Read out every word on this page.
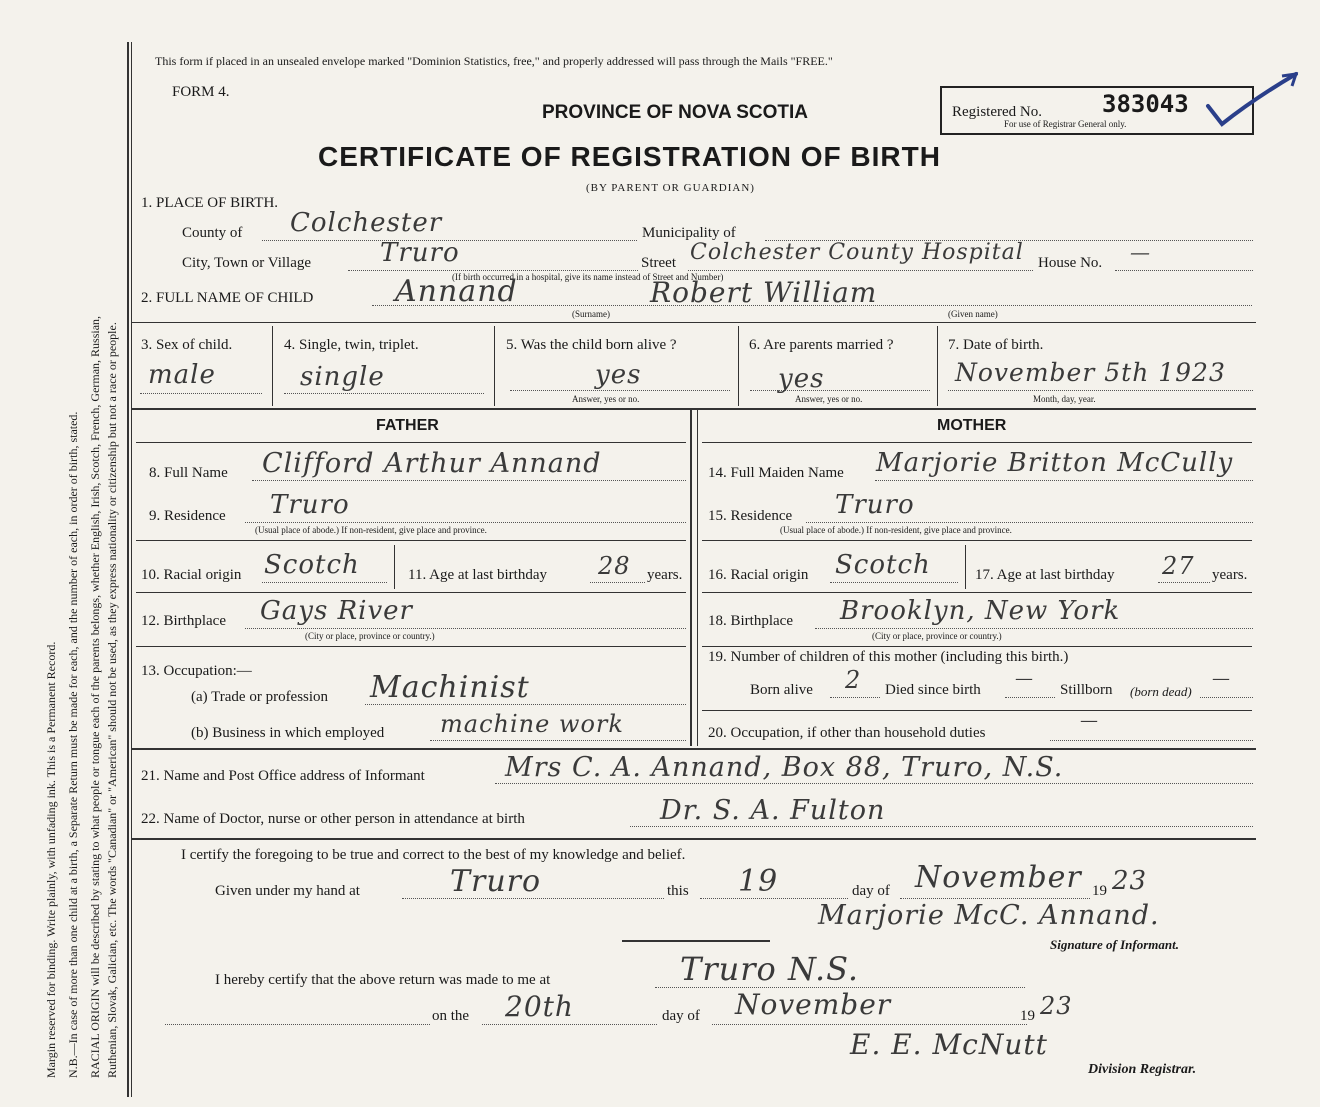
Margin reserved for binding. Write plainly, with unfading ink. This is a Permanent Record. N.B.—In case of more than one child at a birth, a Separate Return must be made for each, and the number of each, in order of birth, stated. RACIAL ORIGIN will be described by stating to what people or tongue each of the parents belongs, whether English, Irish, Scotch, French, German, Russian, Ruthenian, Slovak, Galician, etc. The words "Canadian" or "American" should not be used, as they express nationality or citizenship but not a race or people.
This form if placed in an unsealed envelope marked "Dominion Statistics, free," and properly addressed will pass through the Mails "FREE."
FORM 4.
PROVINCE OF NOVA SCOTIA
CERTIFICATE OF REGISTRATION OF BIRTH
(BY PARENT OR GUARDIAN)
Registered No.	383043
For use of Registrar General only.
1. PLACE OF BIRTH.
County of Colchester	Municipality of
City, Town or Village	Truro	Street Colchester County Hospital House No. —
(If birth occurred in a hospital, give its name instead of Street and Number)
2. FULL NAME OF CHILD	Annand	Robert William
(Surname)	(Given name)
3. Sex of child.
male
4. Single, twin, triplet.
single
5. Was the child born alive ?
yes
Answer, yes or no.
6. Are parents married ?
yes
Answer, yes or no.
7. Date of birth.
November 5th 1923
Month, day, year.
FATHER	MOTHER
8. Full Name Clifford Arthur Annand
9. Residence Truro
(Usual place of abode.) If non-resident, give place and province.
10. Racial origin Scotch	11. Age at last birthday 28 years.
12. Birthplace Gays River
(City or place, province or country.)
13. Occupation:—
(a) Trade or profession Machinist
(b) Business in which employed machine work
14. Full Maiden Name Marjorie Britton McCully
15. Residence Truro
(Usual place of abode.) If non-resident, give place and province.
16. Racial origin Scotch	17. Age at last birthday 27 years.
18. Birthplace Brooklyn, New York
(City or place, province or country.)
19. Number of children of this mother (including this birth.)
Born alive 2 Died since birth
—
Stillborn (born dead)
—
20. Occupation, if other than household duties
—
21. Name and Post Office address of Informant	Mrs C. A. Annand, Box 88, Truro, N.S.
22. Name of Doctor, nurse or other person in attendance at birth	Dr. S. A. Fulton
I certify the foregoing to be true and correct to the best of my knowledge and belief.
Given under my hand at	Truro	this 19	day of November 19 23
Marjorie McC. Annand.
Signature of Informant.
I hereby certify that the above return was made to me at	Truro N.S.
on the 20th	day of November	19 23
E. E. McNutt
Division Registrar.
